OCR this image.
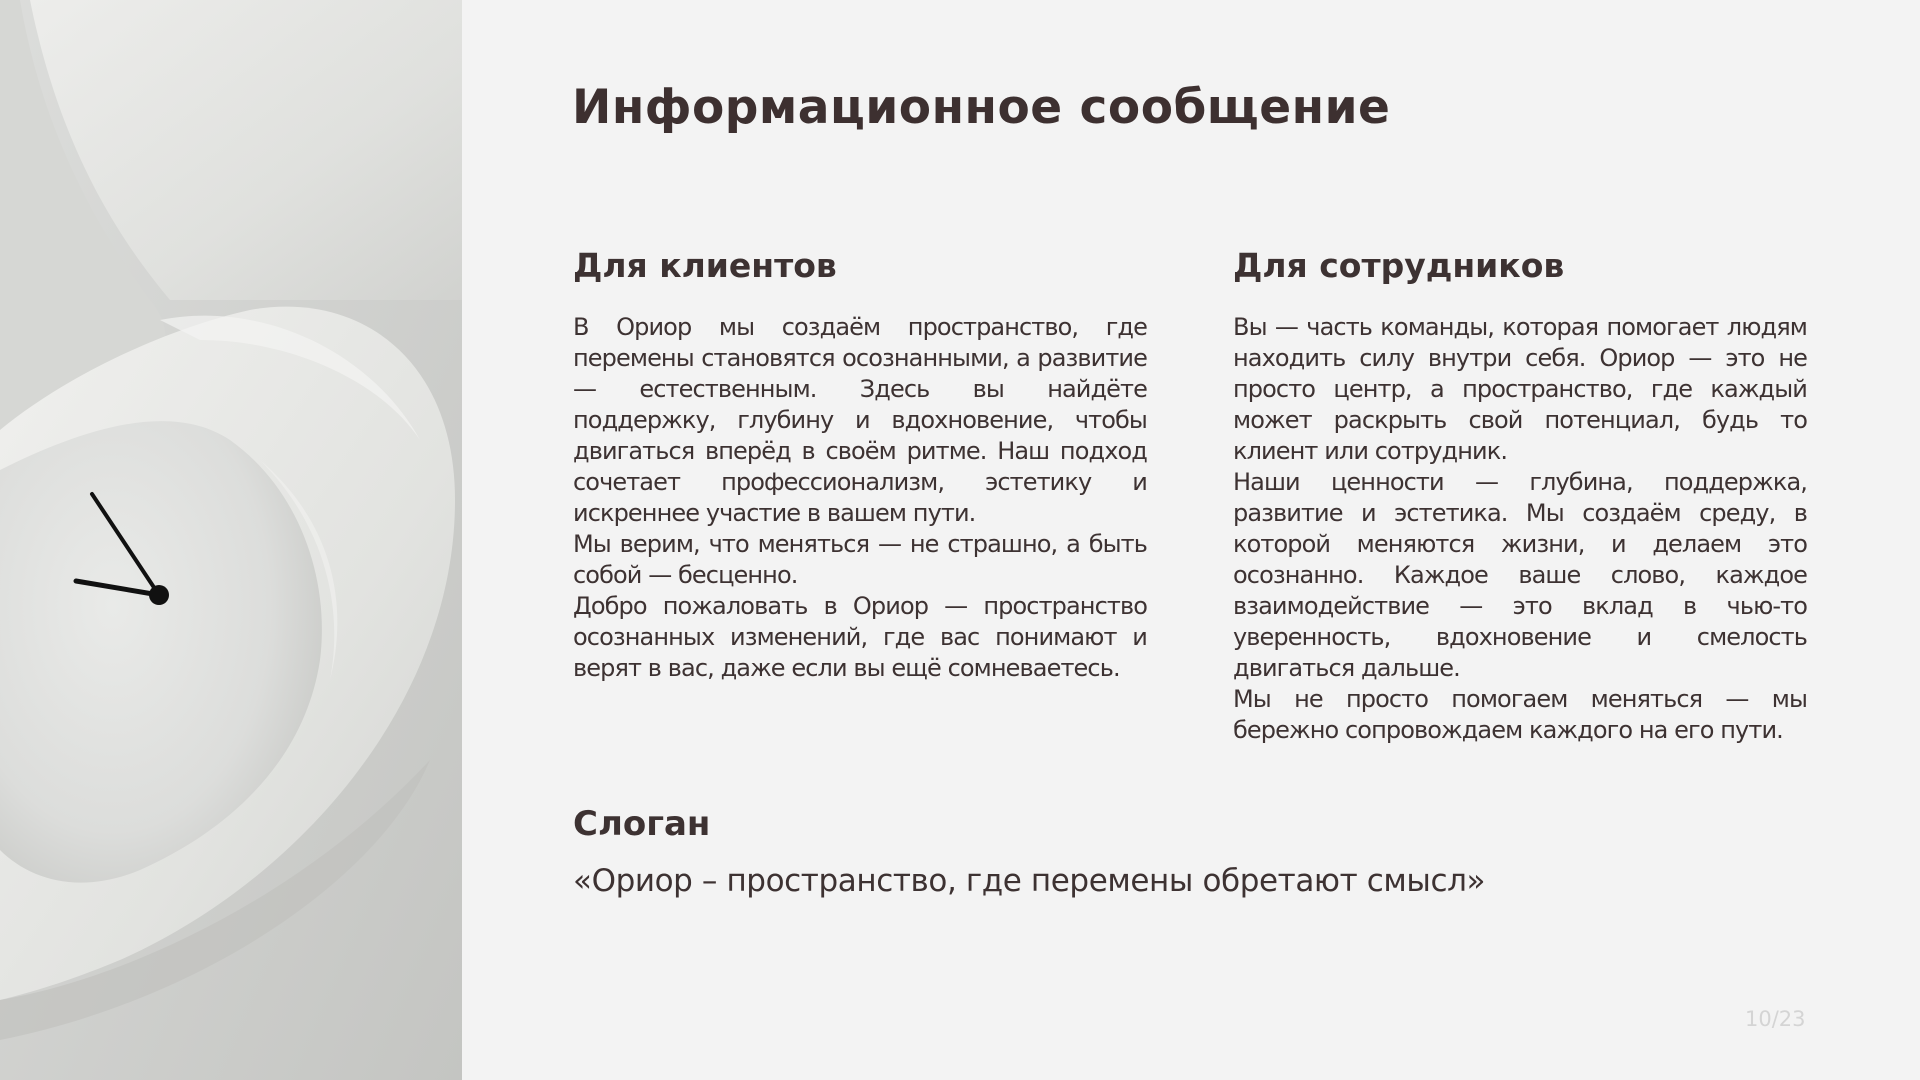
Информационное сообщение
Для клиентов

В Ориор мы создаём пространство, где перемены становятся осознанными, а развитие — естественным. Здесь вы найдёте поддержку, глубину и вдохновение, чтобы двигаться вперёд в своём ритме. Наш подход сочетает профессионализм, эстетику и искреннее участие в вашем пути.

Мы верим, что меняться — не страшно, а быть собой — бесценно.

Добро пожаловать в Ориор — пространство осознанных изменений, где вас понимают и верят в вас, даже если вы ещё сомневаетесь.

Для сотрудников

Вы — часть команды, которая помогает людям находить силу внутри себя. Ориор — это не просто центр, а пространство, где каждый может раскрыть свой потенциал, будь то клиент или сотрудник.

Наши ценности — глубина, поддержка, развитие и эстетика. Мы создаём среду, в которой меняются жизни, и делаем это осознанно. Каждое ваше слово, каждое взаимодействие — это вклад в чью-то уверенность, вдохновение и смелость двигаться дальше.

Мы не просто помогаем меняться — мы бережно сопровождаем каждого на его пути.

Слоган

«Ориор – пространство, где перемены обретают смысл»

10/23
